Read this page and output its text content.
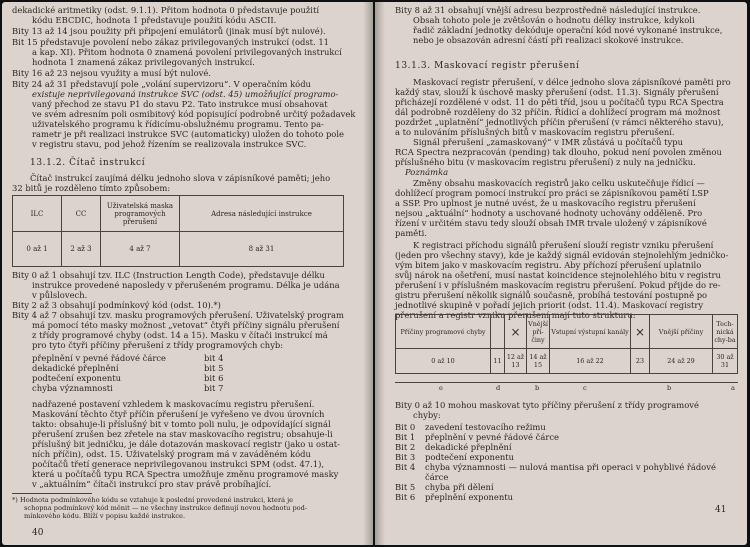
dekadické aritmetiky (odst. 9.1.1). Přitom hodnota 0 představuje použití
kódu EBCDIC, hodnota 1 představuje použití kódu ASCII.
Bity 13 až 14 jsou použity při připojení emulátorů (jinak musí být nulové).
Bit 15 představuje povolení nebo zákaz privilegovaných instrukcí (odst. 11
a kap. XI). Přitom hodnota 0 znamená povolení privilegovaných instrukcí
hodnota 1 znamená zákaz privilegovaných instrukcí.
Bity 16 až 23 nejsou využity a musí být nulové.
Bity 24 až 31 představují pole „volání supervizoru“. V operačním kódu
existuje neprivilegovaná instrukce SVC (odst. 45) umožňující programo-
vaný přechod ze stavu P1 do stavu P2. Tato instrukce musí obsahovat
ve svém adresním poli osmibitový kód popisující podrobně určitý požadavek
uživatelského programu k řídicímu-obslužnému programu. Tento pa-
rametr je při realizaci instrukce SVC (automaticky) uložen do tohoto pole
v registru stavu, pod jehož řízením se realizovala instrukce SVC.
13.1.2. Čítač instrukcí
Čítač instrukcí zaujímá délku jednoho slova v zápisníkové paměti; jeho
32 bitů je rozděleno tímto způsobem:
ILC	CC	Uživatelská maska programových přerušení	Adresa následující instrukce
0 až 1	2 až 3	4 až 7	8 až 31
Bity 0 až 1 obsahují tzv. ILC (Instruction Length Code), představuje délku
instrukce provedené naposledy v přerušeném programu. Délka je udána
v půlslovech.
Bity 2 až 3 obsahují podmínkový kód (odst. 10).*)
Bity 4 až 7 obsahují tzv. masku programových přerušení. Uživatelský program
má pomocí této masky možnost „vetovat“ čtyři příčiny signálu přerušení
z třídy programové chyby (odst. 14 a 15). Masku v čítači instrukcí má
pro tyto čtyři příčiny přerušení z třídy programových chyb:
přeplnění v pevné řádové čárce	bit 4
dekadické přeplnění	bit 5
podtečení exponentu	bit 6
chyba významnosti	bit 7
nadřazené postavení vzhledem k maskovacímu registru přerušení.
Maskování těchto čtyř příčin přerušení je vyřešeno ve dvou úrovních
takto: obsahuje-li příslušný bit v tomto poli nulu, je odpovídající signál
přerušení zrušen bez zřetele na stav maskovacího registru; obsahuje-li
příslušný bit jedničku, je dále dotazován maskovací registr (jako u ostat-
ních příčin), odst. 15. Uživatelský program má v zaváděném kódu
počítačů třetí generace neprivilegovanou instrukci SPM (odst. 47.1),
která u počítačů typu RCA Spectra umožňuje změnu programové masky
v „aktuálním“ čítači instrukcí pro stav právě probíhající.
*) Hodnota podmínkového kódu se vztahuje k poslední provedené instrukci, která je
schopna podmínkový kód měnit — ne všechny instrukce definují novou hodnotu pod-
mínkového kódu. Blíží v popisu každé instrukce.
40
Bity 8 až 31 obsahují vnější adresu bezprostředně následující instrukce.
Obsah tohoto pole je zvětšován o hodnotu délky instrukce, kdykoli
řadič základní jednotky dekóduje operační kód nové vykonané instrukce,
nebo je obsazován adresní částí při realizaci skokové instrukce.
13.1.3. Maskovací registr přerušení
Maskovací registr přerušení, v délce jednoho slova zápisníkové paměti pro
každý stav, slouží k úschově masky přerušení (odst. 11.3). Signály přerušení
přicházejí rozdělené v odst. 11 do pěti tříd, jsou u počítačů typu RCA Spectra
dál podrobně rozděleny do 32 příčin. Řídicí a dohlížecí program má možnost
pozdržet „uplatnění“ jednotlivých příčin přerušení (v rámci některého stavu),
a to nulováním příslušných bitů v maskovacím registru přerušení.
Signál přerušení „zamaskovaný“ v IMR zůstává u počítačů typu
RCA Spectra nezpracován (pending) tak dlouho, pokud není povolen změnou
příslušného bitu (v maskovacím registru přerušení) z nuly na jedničku.
Poznámka
Změny obsahu maskovacích registrů jako celku uskutečňuje řídicí —
dohlížecí program pomocí instrukcí pro práci se zápisníkovou pamětí LSP
a SSP. Pro uplnost je nutné uvést, že u maskovacího registru přerušení
nejsou „aktuální“ hodnoty a uschované hodnoty uchovány odděleně. Pro
řízení v určitém stavu tedy slouží obsah IMR trvale uložený v zápisníkové
paměti.
K registraci příchodu signálů přerušení slouží registr vzniku přerušení
(jeden pro všechny stavy), kde je každý signál evidován stejnolehlým jedničko-
vým bitem jako v maskovacím registru. Aby příchozí přerušení uplatnilo
svůj nárok na ošetření, musí nastat koincidence stejnolehlého bitu v registru
přerušení i v příslušném maskovacím registru přerušení. Pokud přijde do re-
gistru přerušení několik signálů současně, probíhá testování postupně po
jednotlivé skupině v pořadí jejich priorit (odst. 11.4). Maskovací registry
přerušení a registr vzniku přerušení mají tuto strukturu:
Příčiny programové chyby		×	Vnější pří-činy	Vstupní výstupní kanály	×	Vnější příčiny	Tech-nická chy-ba
0 až 10	11	12 až 13	14 až 15	16 až 22	23	24 až 29	30 až 31
e	d	b	c	b	a
Bity 0 až 10 mohou maskovat tyto příčiny přerušení z třídy programové
chyby:
Bit 0 zavedení testovacího režimu
Bit 1 přeplnění v pevné řádové čárce
Bit 2 dekadické přeplnění
Bit 3 podtečení exponentu
Bit 4 chyba významnosti — nulová mantisa při operaci v pohyblivé řádové
čárce
Bit 5 chyba při dělení
Bit 6 přeplnění exponentu
41
